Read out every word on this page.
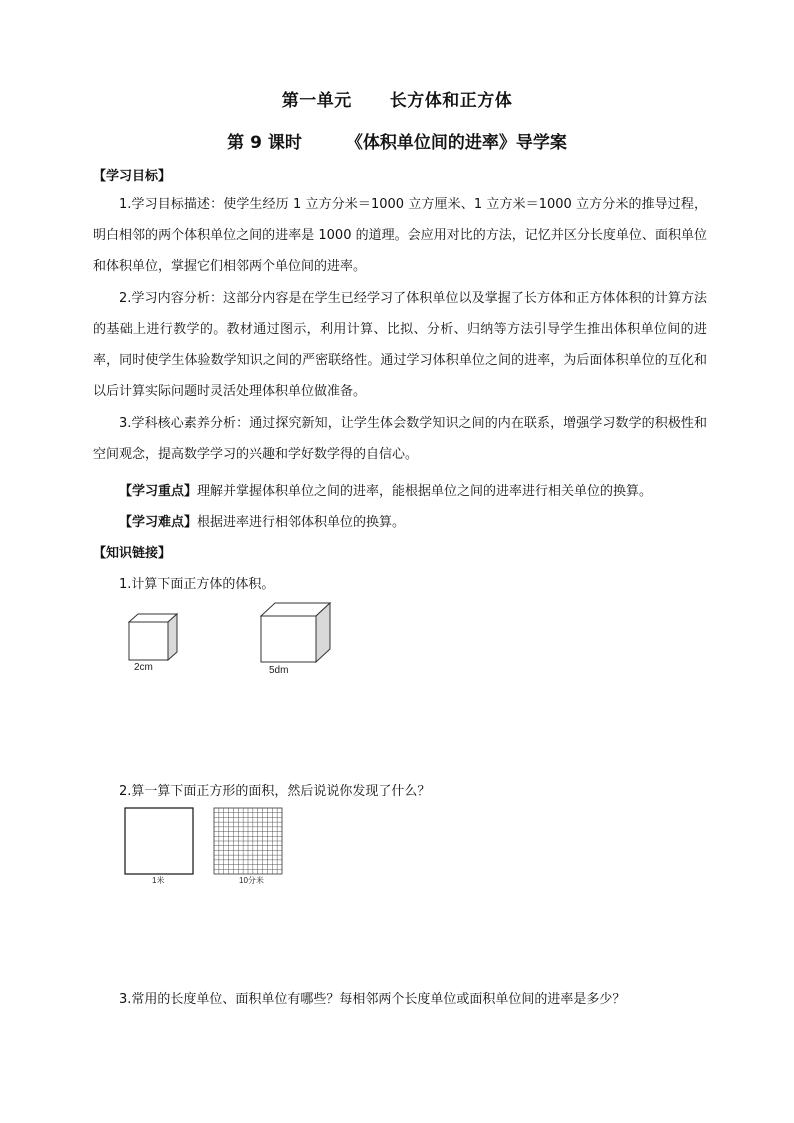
第一单元 长方体和正方体
第 9 课时	《体积单位间的进率》导学案
【学习目标】
1.学习目标描述：使学生经历 1 立方分米＝1000 立方厘米、1 立方米＝1000 立方分米的推导过程，明白相邻的两个体积单位之间的进率是 1000 的道理。会应用对比的方法，记忆并区分长度单位、面积单位和体积单位，掌握它们相邻两个单位间的进率。
2.学习内容分析：这部分内容是在学生已经学习了体积单位以及掌握了长方体和正方体体积的计算方法的基础上进行教学的。教材通过图示，利用计算、比拟、分析、归纳等方法引导学生推出体积单位间的进率，同时使学生体验数学知识之间的严密联络性。通过学习体积单位之间的进率，为后面体积单位的互化和以后计算实际问题时灵活处理体积单位做准备。
3.学科核心素养分析：通过探究新知，让学生体会数学知识之间的内在联系，增强学习数学的积极性和空间观念，提高数学学习的兴趣和学好数学得的自信心。
【学习重点】理解并掌握体积单位之间的进率，能根据单位之间的进率进行相关单位的换算。
【学习难点】根据进率进行相邻体积单位的换算。
【知识链接】
1.计算下面正方体的体积。
2cm	5dm
2.算一算下面正方形的面积，然后说说你发现了什么？
1米	10分米
3.常用的长度单位、面积单位有哪些？每相邻两个长度单位或面积单位间的进率是多少？
